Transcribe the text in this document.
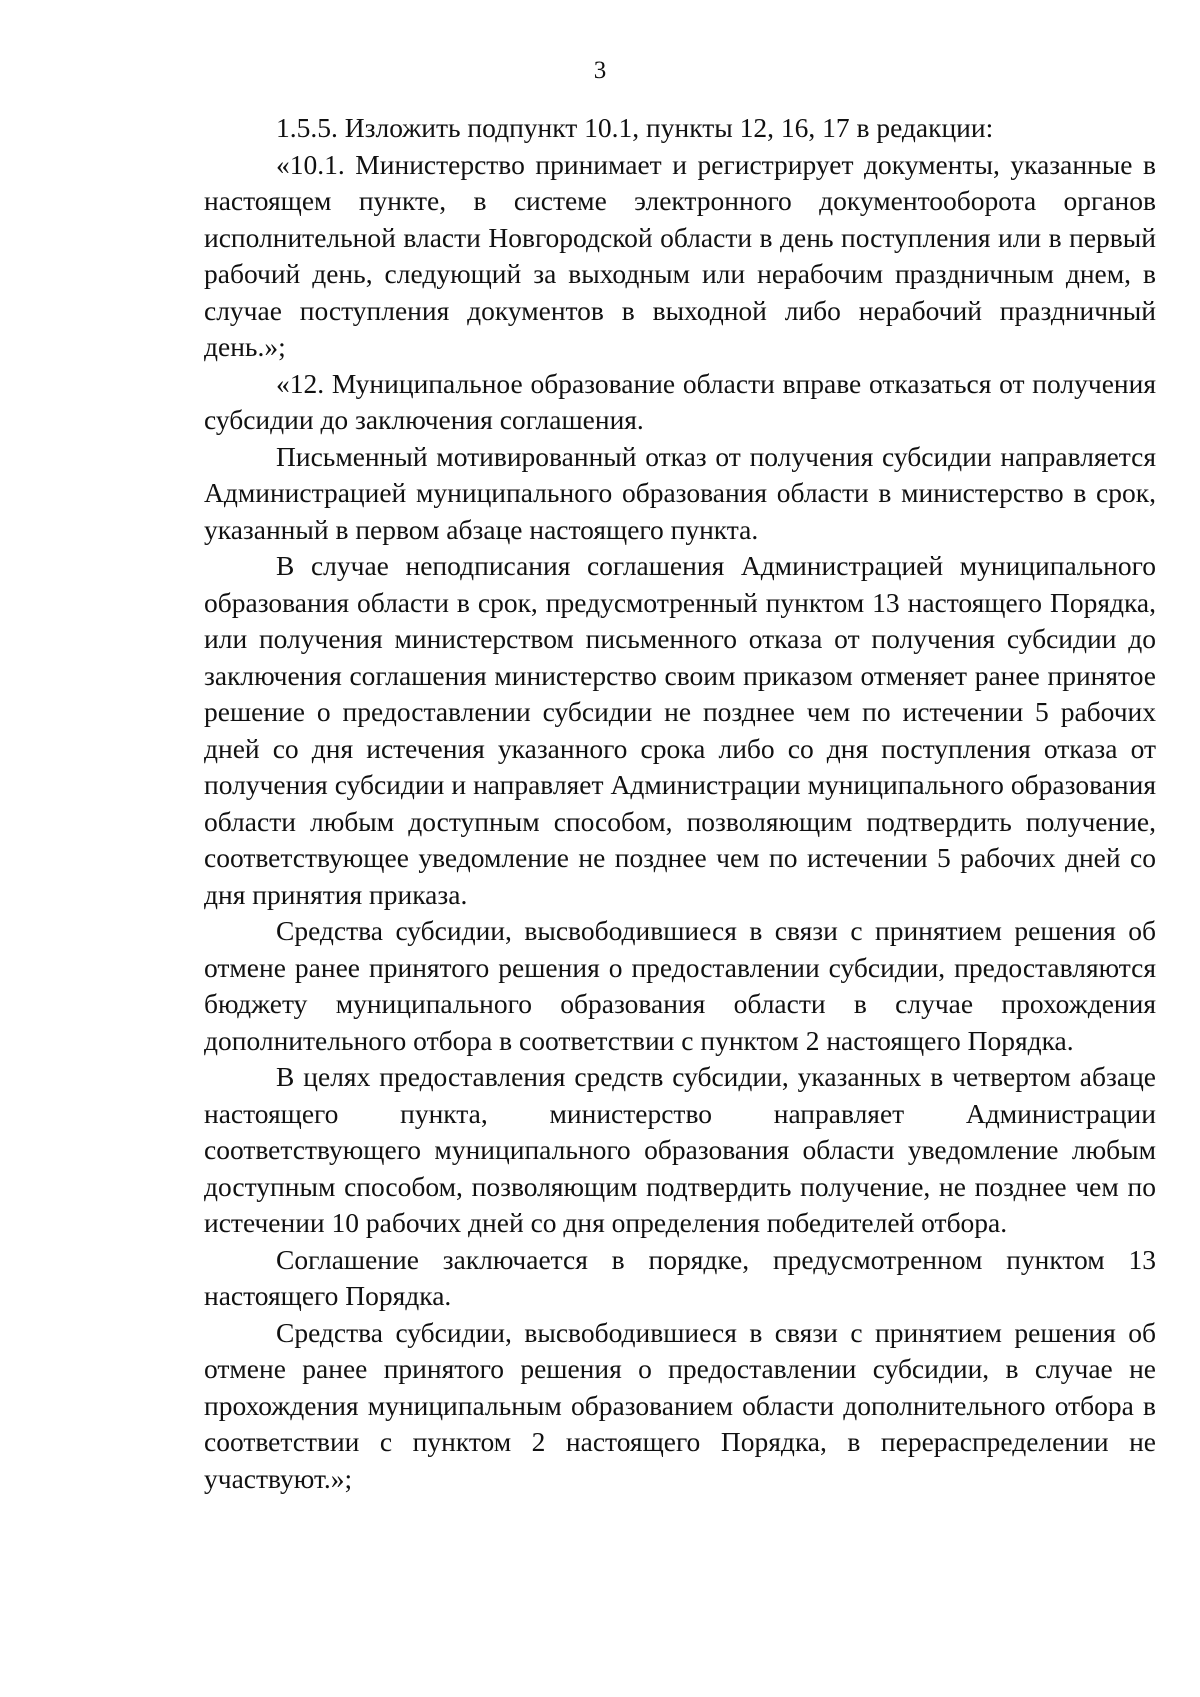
3

1.5.5. Изложить подпункт 10.1, пункты 12, 16, 17 в редакции:

«10.1. Министерство принимает и регистрирует документы, указанные в настоящем пункте, в системе электронного документооборота органов исполнительной власти Новгородской области в день поступления или в первый рабочий день, следующий за выходным или нерабочим праздничным днем, в случае поступления документов в выходной либо нерабочий праздничный день.»;

«12. Муниципальное образование области вправе отказаться от получения субсидии до заключения соглашения.

Письменный мотивированный отказ от получения субсидии направляется Администрацией муниципального образования области в министерство в срок, указанный в первом абзаце настоящего пункта.

В случае неподписания соглашения Администрацией муниципального образования области в срок, предусмотренный пунктом 13 настоящего Порядка, или получения министерством письменного отказа от получения субсидии до заключения соглашения министерство своим приказом отменяет ранее принятое решение о предоставлении субсидии не позднее чем по истечении 5 рабочих дней со дня истечения указанного срока либо со дня поступления отказа от получения субсидии и направляет Администрации муниципального образования области любым доступным способом, позволяющим подтвердить получение, соответствующее уведомление не позднее чем по истечении 5 рабочих дней со дня принятия приказа.

Средства субсидии, высвободившиеся в связи с принятием решения об отмене ранее принятого решения о предоставлении субсидии, предоставляются бюджету муниципального образования области в случае прохождения дополнительного отбора в соответствии с пунктом 2 настоящего Порядка.

В целях предоставления средств субсидии, указанных в четвертом абзаце настоящего пункта, министерство направляет Администрации соответствующего муниципального образования области уведомление любым доступным способом, позволяющим подтвердить получение, не позднее чем по истечении 10 рабочих дней со дня определения победителей отбора.

Соглашение заключается в порядке, предусмотренном пунктом 13 настоящего Порядка.

Средства субсидии, высвободившиеся в связи с принятием решения об отмене ранее принятого решения о предоставлении субсидии, в случае не прохождения муниципальным образованием области дополнительного отбора в соответствии с пунктом 2 настоящего Порядка, в перераспределении не участвуют.»;
